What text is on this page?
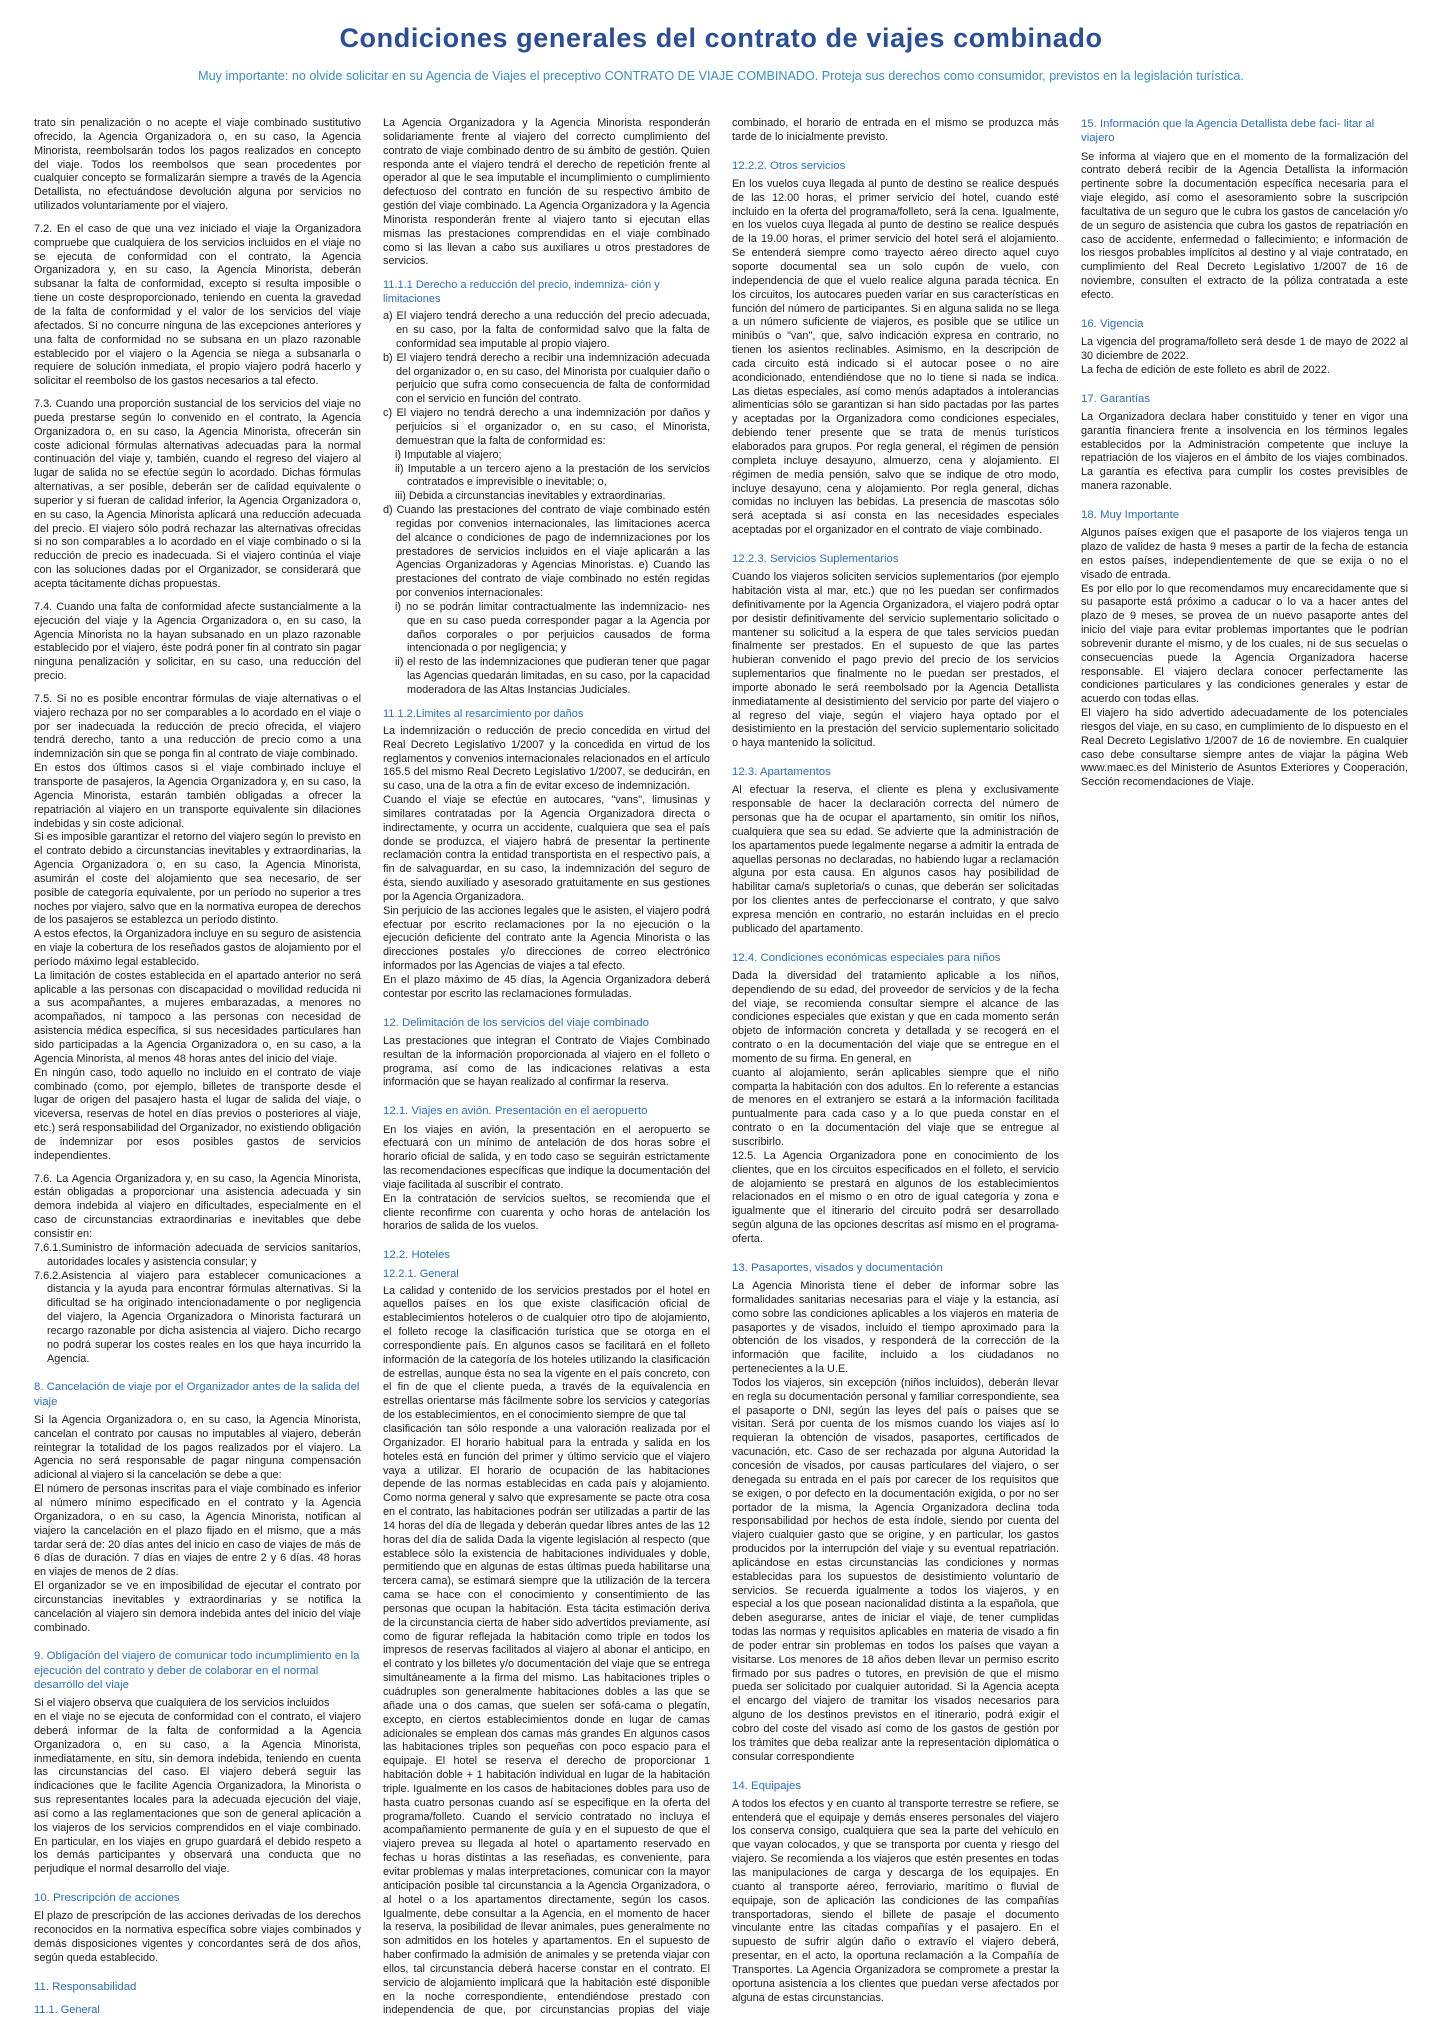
Condiciones generales del contrato de viajes combinado
Muy importante: no olvide solicitar en su Agencia de Viajes el preceptivo CONTRATO DE VIAJE COMBINADO. Proteja sus derechos como consumidor, previstos en la legislación turística.

trato sin penalización o no acepte el viaje combinado sustitutivo ofrecido, la Agencia Organizadora o, en su caso, la Agencia Minorista, reembolsarán todos los pagos realizados en concepto del viaje. Todos los reembolsos que sean procedentes por cualquier concepto se formalizarán siempre a través de la Agencia Detallista, no efectuándose devolución alguna por servicios no utilizados voluntariamente por el viajero.

7.2. En el caso de que una vez iniciado el viaje la Organizadora compruebe que cualquiera de los servicios incluidos en el viaje no se ejecuta de conformidad con el contrato, la Agencia Organizadora y, en su caso, la Agencia Minorista, deberán subsanar la falta de conformidad, excepto si resulta imposible o tiene un coste desproporcionado, teniendo en cuenta la gravedad de la falta de conformidad y el valor de los servicios del viaje afectados. Si no concurre ninguna de las excepciones anteriores y una falta de conformidad no se subsana en un plazo razonable establecido por el viajero o la Agencia se niega a subsanarla o requiere de solución inmediata, el propio viajero podrá hacerlo y solicitar el reembolso de los gastos necesarios a tal efecto.

7.3. Cuando una proporción sustancial de los servicios del viaje no pueda prestarse según lo convenido en el contrato, la Agencia Organizadora o, en su caso, la Agencia Minorista, ofrecerán sin coste adicional fórmulas alternativas adecuadas para la normal continuación del viaje y, también, cuando el regreso del viajero al lugar de salida no se efectúe según lo acordado. Dichas fórmulas alternativas, a ser posible, deberán ser de calidad equivalente o superior y si fueran de calidad inferior, la Agencia Organizadora o, en su caso, la Agencia Minorista aplicará una reducción adecuada del precio. El viajero sólo podrá rechazar las alternativas ofrecidas si no son comparables a lo acordado en el viaje combinado o si la reducción de precio es inadecuada. Si el viajero continúa el viaje con las soluciones dadas por el Organizador, se considerará que acepta tácitamente dichas propuestas.

7.4. Cuando una falta de conformidad afecte sustancialmente a la ejecución del viaje y la Agencia Organizadora o, en su caso, la Agencia Minorista no la hayan subsanado en un plazo razonable establecido por el viajero, éste podrá poner fin al contrato sin pagar ninguna penalización y solicitar, en su caso, una reducción del precio.

7.5. Si no es posible encontrar fórmulas de viaje alternativas o el viajero rechaza por no ser comparables a lo acordado en el viaje o por ser inadecuada la reducción de precio ofrecida, el viajero tendrá derecho, tanto a una reducción de precio como a una indemnización sin que se ponga fin al contrato de viaje combinado.

En estos dos últimos casos si el viaje combinado incluye el transporte de pasajeros, la Agencia Organizadora y, en su caso, la Agencia Minorista, estarán también obligadas a ofrecer la repatriación al viajero en un transporte equivalente sin dilaciones indebidas y sin coste adicional.

Si es imposible garantizar el retorno del viajero según lo previsto en el contrato debido a circunstancias inevitables y extraordinarias, la Agencia Organizadora o, en su caso, la Agencia Minorista, asumirán el coste del alojamiento que sea necesario, de ser posible de categoría equivalente, por un período no superior a tres noches por viajero, salvo que en la normativa europea de derechos de los pasajeros se establezca un período distinto.

A estos efectos, la Organizadora incluye en su seguro de asistencia en viaje la cobertura de los reseñados gastos de alojamiento por el período máximo legal establecido.

La limitación de costes establecida en el apartado anterior no será aplicable a las personas con discapacidad o movilidad reducida ni a sus acompañantes, a mujeres embarazadas, a menores no acompañados, ni tampoco a las personas con necesidad de asistencia médica específica, si sus necesidades particulares han sido participadas a la Agencia Organizadora o, en su caso, a la Agencia Minorista, al menos 48 horas antes del inicio del viaje.

En ningún caso, todo aquello no incluido en el contrato de viaje combinado (como, por ejemplo, billetes de transporte desde el lugar de origen del pasajero hasta el lugar de salida del viaje, o viceversa, reservas de hotel en días previos o posteriores al viaje, etc.) será responsabilidad del Organizador, no existiendo obligación de indemnizar por esos posibles gastos de servicios independientes.

7.6. La Agencia Organizadora y, en su caso, la Agencia Minorista, están obligadas a proporcionar una asistencia adecuada y sin demora indebida al viajero en dificultades, especialmente en el caso de circunstancias extraordinarias e inevitables que debe consistir en:

7.6.1.Suministro de información adecuada de servicios sanitarios, autoridades locales y asistencia consular; y

7.6.2.Asistencia al viajero para establecer comunicaciones a distancia y la ayuda para encontrar fórmulas alternativas. Si la dificultad se ha originado intencionadamente o por negligencia del viajero, la Agencia Organizadora o Minorista facturará un recargo razonable por dicha asistencia al viajero. Dicho recargo no podrá superar los costes reales en los que haya incurrido la Agencia.

8. Cancelación de viaje por el Organizador antes de la salida del viaje

Si la Agencia Organizadora o, en su caso, la Agencia Minorista, cancelan el contrato por causas no imputables al viajero, deberán reintegrar la totalidad de los pagos realizados por el viajero. La Agencia no será responsable de pagar ninguna compensación adicional al viajero si la cancelación se debe a que:

El número de personas inscritas para el viaje combinado es inferior al número mínimo especificado en el contrato y la Agencia Organizadora, o en su caso, la Agencia Minorista, notifican al viajero la cancelación en el plazo fijado en el mismo, que a más tardar será de: 20 días antes del inicio en caso de viajes de más de 6 días de duración. 7 días en viajes de entre 2 y 6 días. 48 horas en viajes de menos de 2 días.

El organizador se ve en imposibilidad de ejecutar el contrato por circunstancias inevitables y extraordinarias y se notifica la cancelación al viajero sin demora indebida antes del inicio del viaje combinado.

9. Obligación del viajero de comunicar todo incumplimiento en la ejecución del contrato y deber de colaborar en el normal desarrollo del viaje

Si el viajero observa que cualquiera de los servicios incluidos

en el viaje no se ejecuta de conformidad con el contrato, el viajero deberá informar de la falta de conformidad a la Agencia Organizadora o, en su caso, a la Agencia Minorista, inmediatamente, en situ, sin demora indebida, teniendo en cuenta las circunstancias del caso. El viajero deberá seguir las indicaciones que le facilite Agencia Organizadora, la Minorista o sus representantes locales para la adecuada ejecución del viaje, así como a las reglamentaciones que son de general aplicación a los viajeros de los servicios comprendidos en el viaje combinado. En particular, en los viajes en grupo guardará el debido respeto a los demás participantes y observará una conducta que no perjudique el normal desarrollo del viaje.

10. Prescripción de acciones

El plazo de prescripción de las acciones derivadas de los derechos reconocidos en la normativa específica sobre viajes combinados y demás disposiciones vigentes y concordantes será de dos años, según queda establecido.

11. Responsabilidad
11.1. General

La Agencia Organizadora y la Agencia Minorista responderán solidariamente frente al viajero del correcto cumplimiento del contrato de viaje combinado dentro de su ámbito de gestión. Quien responda ante el viajero tendrá el derecho de repetición frente al operador al que le sea imputable el incumplimiento o cumplimiento defectuoso del contrato en función de su respectivo ámbito de gestión del viaje combinado. La Agencia Organizadora y la Agencia Minorista responderán frente al viajero tanto si ejecutan ellas mismas las prestaciones comprendidas en el viaje combinado como si las llevan a cabo sus auxiliares u otros prestadores de servicios.

11.1.1 Derecho a reducción del precio, indemniza- ción y limitaciones

a) El viajero tendrá derecho a una reducción del precio adecuada, en su caso, por la falta de conformidad salvo que la falta de conformidad sea imputable al propio viajero.

b) El viajero tendrá derecho a recibir una indemnización adecuada del organizador o, en su caso, del Minorista por cualquier daño o perjuicio que sufra como consecuencia de falta de conformidad con el servicio en función del contrato.

c) El viajero no tendrá derecho a una indemnización por daños y perjuicios si el organizador o, en su caso, el Minorista, demuestran que la falta de conformidad es:

i) Imputable al viajero;

ii) Imputable a un tercero ajeno a la prestación de los servicios contratados e imprevisible o inevitable; o,

iii) Debida a circunstancias inevitables y extraordinarias.

d) Cuando las prestaciones del contrato de viaje combinado estén regidas por convenios internacionales, las limitaciones acerca del alcance o condiciones de pago de indemnizaciones por los prestadores de servicios incluidos en el viaje aplicarán a las Agencias Organizadoras y Agencias Minoristas. e) Cuando las prestaciones del contrato de viaje combinado no estén regidas por convenios internacionales:

i) no se podrán limitar contractualmente las indemnizacio- nes que en su caso pueda corresponder pagar a la Agencia por daños corporales o por perjuicios causados de forma intencionada o por negligencia; y

ii) el resto de las indemnizaciones que pudieran tener que pagar las Agencias quedarán limitadas, en su caso, por la capacidad moderadora de las Altas Instancias Judiciales.

11.1.2.Limites al resarcimiento por daños

La indemnización o reducción de precio concedida en virtud del Real Decreto Legislativo 1/2007 y la concedida en virtud de los reglamentos y convenios internacionales relacionados en el artículo 165.5 del mismo Real Decreto Legislativo 1/2007, se deducirán, en su caso, una de la otra a fin de evitar exceso de indemnización.

Cuando el viaje se efectúe en autocares, "vans", limusinas y similares contratadas por la Agencia Organizadora directa o indirectamente, y ocurra un accidente, cualquiera que sea el país donde se produzca, el viajero habrá de presentar la pertinente reclamación contra la entidad transportista en el respectivo país, a fin de salvaguardar, en su caso, la indemnización del seguro de ésta, siendo auxiliado y asesorado gratuitamente en sus gestiones por la Agencia Organizadora.

Sin perjuicio de las acciones legales que le asisten, el viajero podrá efectuar por escrito reclamaciones por la no ejecución o la ejecución deficiente del contrato ante la Agencia Minorista o las direcciones postales y/o direcciones de correo electrónico informados por las Agencias de viajes a tal efecto.

En el plazo máximo de 45 días, la Agencia Organizadora deberá contestar por escrito las reclamaciones formuladas.

12. Delimitación de los servicios del viaje combinado

Las prestaciones que integran el Contrato de Viajes Combinado resultan de la información proporcionada al viajero en el folleto o programa, así como de las indicaciones relativas a esta información que se hayan realizado al confirmar la reserva.

12.1. Viajes en avión. Presentación en el aeropuerto

En los viajes en avión, la presentación en el aeropuerto se efectuará con un mínimo de antelación de dos horas sobre el horario oficial de salida, y en todo caso se seguirán estrictamente las recomendaciones específicas que indique la documentación del viaje facilitada al suscribir el contrato.

En la contratación de servicios sueltos, se recomienda que el cliente reconfirme con cuarenta y ocho horas de antelación los horarios de salida de los vuelos.

12.2. Hoteles
12.2.1. General

La calidad y contenido de los servicios prestados por el hotel en aquellos países en los que existe clasificación oficial de establecimientos hoteleros o de cualquier otro tipo de alojamiento, el folleto recoge la clasificación turística que se otorga en el correspondiente país. En algunos casos se facilitará en el folleto información de la categoría de los hoteles utilizando la clasificación de estrellas, aunque ésta no sea la vigente en el país concreto, con el fin de que el cliente pueda, a través de la equivalencia en estrellas orientarse más fácilmente sobre los servicios y categorías de los establecimientos, en el conocimiento siempre de que tal

clasificación tan sólo responde a una valoración realizada por el Organizador. El horario habitual para la entrada y salida en los hoteles está en función del primer y último servicio que el viajero vaya a utilizar. El horario de ocupación de las habitaciones depende de las normas establecidas en cada país y alojamiento. Como norma general y salvo que expresamente se pacte otra cosa en el contrato, las habitaciones podrán ser utilizadas a partir de las 14 horas del día de llegada y deberán quedar libres antes de las 12 horas del día de salida Dada la vigente legislación al respecto (que establece sólo la existencia de habitaciones individuales y doble, permitiendo que en algunas de estas últimas pueda habilitarse una tercera cama), se estimará siempre que la utilización de la tercera cama se hace con el conocimiento y consentimiento de las personas que ocupan la habitación. Esta tácita estimación deriva de la circunstancia cierta de haber sido advertidos previamente, así como de figurar reflejada la habitación como triple en todos los impresos de reservas facilitados al viajero al abonar el anticipo, en el contrato y los billetes y/o documentación del viaje que se entrega simultáneamente a la firma del mismo. Las habitaciones triples o cuádruples son generalmente habitaciones dobles a las que se añade una o dos camas, que suelen ser sofá-cama o plegatín, excepto, en ciertos establecimientos donde en lugar de camas adicionales se emplean dos camas más grandes En algunos casos las habitaciones triples son pequeñas con poco espacio para el equipaje. El hotel se reserva el derecho de proporcionar 1 habitación doble + 1 habitación individual en lugar de la habitación triple. Igualmente en los casos de habitaciones dobles para uso de hasta cuatro personas cuando así se especifique en la oferta del programa/folleto. Cuando el servicio contratado no incluya el acompañamiento permanente de guía y en el supuesto de que el viajero prevea su llegada al hotel o apartamento reservado en fechas u horas distintas a las reseñadas, es conveniente, para evitar problemas y malas interpretaciones, comunicar con la mayor anticipación posible tal circunstancia a la Agencia Organizadora, o al hotel o a los apartamentos directamente, según los casos. Igualmente, debe consultar a la Agencia, en el momento de hacer la reserva, la posibilidad de llevar animales, pues generalmente no son admitidos en los hoteles y apartamentos. En el supuesto de haber confirmado la admisión de animales y se pretenda viajar con ellos, tal circunstancia deberá hacerse constar en el contrato. El servicio de alojamiento implicará que la habitación esté disponible en la noche correspondiente, entendiéndose prestado con independencia de que, por circunstancias propias del viaje combinado, el horario de entrada en el mismo se produzca más tarde de lo inicialmente previsto.

12.2.2. Otros servicios

En los vuelos cuya llegada al punto de destino se realice después de las 12.00 horas, el primer servicio del hotel, cuando esté incluido en la oferta del programa/folleto, será la cena. Igualmente, en los vuelos cuya llegada al punto de destino se realice después de la 19.00 horas, el primer servicio del hotel será el alojamiento. Se entenderá siempre como trayecto aéreo directo aquel cuyo soporte documental sea un solo cupón de vuelo, con independencia de que el vuelo realice alguna parada técnica. En los circuitos, los autocares pueden variar en sus características en función del número de participantes. Si en alguna salida no se llega a un número suficiente de viajeros, es posible que se utilice un minibús o "van", que, salvo indicación expresa en contrario, no tienen los asientos reclinables. Asimismo, en la descripción de cada circuito está indicado si el autocar posee o no aire acondicionado, entendiéndose que no lo tiene si nada se indica. Las dietas especiales, así como menús adaptados a intolerancias alimenticias sólo se garantizan si han sido pactadas por las partes y aceptadas por la Organizadora como condiciones especiales, debiendo tener presente que se trata de menús turísticos elaborados para grupos. Por regla general, el régimen de pensión completa incluye desayuno, almuerzo, cena y alojamiento. El régimen de media pensión, salvo que se indique de otro modo, incluye desayuno, cena y alojamiento. Por regla general, dichas comidas no incluyen las bebidas. La presencia de mascotas sólo será aceptada si así consta en las necesidades especiales aceptadas por el organizador en el contrato de viaje combinado.

12.2.3. Servicios Suplementarios

Cuando los viajeros soliciten servicios suplementarios (por ejemplo habitación vista al mar, etc.) que no les puedan ser confirmados definitivamente por la Agencia Organizadora, el viajero podrá optar por desistir definitivamente del servicio suplementario solicitado o mantener su solicitud a la espera de que tales servicios puedan finalmente ser prestados. En el supuesto de que las partes hubieran convenido el pago previo del precio de los servicios suplementarios que finalmente no le puedan ser prestados, el importe abonado le será reembolsado por la Agencia Detallista inmediatamente al desistimiento del servicio por parte del viajero o al regreso del viaje, según el viajero haya optado por el desistimiento en la prestación del servicio suplementario solicitado o haya mantenido la solicitud.

12.3. Apartamentos

Al efectuar la reserva, el cliente es plena y exclusivamente responsable de hacer la declaración correcta del número de personas que ha de ocupar el apartamento, sin omitir los niños, cualquiera que sea su edad. Se advierte que la administración de los apartamentos puede legalmente negarse a admitir la entrada de aquellas personas no declaradas, no habiendo lugar a reclamación alguna por esta causa. En algunos casos hay posibilidad de habilitar cama/s supletoria/s o cunas, que deberán ser solicitadas por los clientes antes de perfeccionarse el contrato, y que salvo expresa mención en contrario, no estarán incluidas en el precio publicado del apartamento.

12.4. Condiciones económicas especiales para niños

Dada la diversidad del tratamiento aplicable a los niños, dependiendo de su edad, del proveedor de servicios y de la fecha del viaje, se recomienda consultar siempre el alcance de las condiciones especiales que existan y que en cada momento serán objeto de información concreta y detallada y se recogerá en el contrato o en la documentación del viaje que se entregue en el momento de su firma. En general, en

cuanto al alojamiento, serán aplicables siempre que el niño comparta la habitación con dos adultos. En lo referente a estancias de menores en el extranjero se estará a la información facilitada puntualmente para cada caso y a lo que pueda constar en el contrato o en la documentación del viaje que se entregue al suscribirlo.

12.5. La Agencia Organizadora pone en conocimiento de los clientes, que en los circuitos especificados en el folleto, el servicio de alojamiento se prestará en algunos de los establecimientos relacionados en el mismo o en otro de igual categoría y zona e igualmente que el itinerario del circuito podrá ser desarrollado según alguna de las opciones descritas así mismo en el programa-oferta.

13. Pasaportes, visados y documentación

La Agencia Minorista tiene el deber de informar sobre las formalidades sanitarias necesarias para el viaje y la estancia, así como sobre las condiciones aplicables a los viajeros en materia de pasaportes y de visados, incluido el tiempo aproximado para la obtención de los visados, y responderá de la corrección de la información que facilite, incluido a los ciudadanos no pertenecientes a la U.E.

Todos los viajeros, sin excepción (niños incluidos), deberán llevar en regla su documentación personal y familiar correspondiente, sea el pasaporte o DNI, según las leyes del país o países que se visitan. Será por cuenta de los mismos cuando los viajes así lo requieran la obtención de visados, pasaportes, certificados de vacunación, etc. Caso de ser rechazada por alguna Autoridad la concesión de visados, por causas particulares del viajero, o ser denegada su entrada en el país por carecer de los requisitos que se exigen, o por defecto en la documentación exigida, o por no ser portador de la misma, la Agencia Organizadora declina toda responsabilidad por hechos de esta índole, siendo por cuenta del viajero cualquier gasto que se origine, y en particular, los gastos producidos por la interrupción del viaje y su eventual repatriación. aplicándose en estas circunstancias las condiciones y normas establecidas para los supuestos de desistimiento voluntario de servicios. Se recuerda igualmente a todos los viajeros, y en especial a los que posean nacionalidad distinta a la española, que deben asegurarse, antes de iniciar el viaje, de tener cumplidas todas las normas y requisitos aplicables en materia de visado a fin de poder entrar sin problemas en todos los países que vayan a visitarse. Los menores de 18 años deben llevar un permiso escrito firmado por sus padres o tutores, en previsión de que el mismo pueda ser solicitado por cualquier autoridad. Si la Agencia acepta el encargo del viajero de tramitar los visados necesarios para alguno de los destinos previstos en el itinerario, podrá exigir el cobro del coste del visado así como de los gastos de gestión por los trámites que deba realizar ante la representación diplomática o consular correspondiente

14. Equipajes

A todos los efectos y en cuanto al transporte terrestre se refiere, se entenderá que el equipaje y demás enseres personales del viajero los conserva consigo, cualquiera que sea la parte del vehículo en que vayan colocados, y que se transporta por cuenta y riesgo del viajero. Se recomienda a los viajeros que estén presentes en todas las manipulaciones de carga y descarga de los equipajes. En cuanto al transporte aéreo, ferroviario, marítimo o fluvial de equipaje, son de aplicación las condiciones de las compañías transportadoras, siendo el billete de pasaje el documento vinculante entre las citadas compañías y el pasajero. En el supuesto de sufrir algún daño o extravío el viajero deberá, presentar, en el acto, la oportuna reclamación a la Compañía de Transportes. La Agencia Organizadora se compromete a prestar la oportuna asistencia a los clientes que puedan verse afectados por alguna de estas circunstancias.

15. Información que la Agencia Detallista debe faci- litar al viajero

Se informa al viajero que en el momento de la formalización del contrato deberá recibir de la Agencia Detallista la información pertinente sobre la documentación específica necesaria para el viaje elegido, así como el asesoramiento sobre la suscripción facultativa de un seguro que le cubra los gastos de cancelación y/o de un seguro de asistencia que cubra los gastos de repatriación en caso de accidente, enfermedad o fallecimiento; e información de los riesgos probables implícitos al destino y al viaje contratado, en cumplimiento del Real Decreto Legislativo 1/2007 de 16 de noviembre, consulten el extracto de la póliza contratada a este efecto.

16. Vigencia

La vigencia del programa/folleto será desde 1 de mayo de 2022 al 30 diciembre de 2022.

La fecha de edición de este folleto es abril de 2022.

17. Garantías

La Organizadora declara haber constituido y tener en vigor una garantía financiera frente a insolvencia en los términos legales establecidos por la Administración competente que incluye la repatriación de los viajeros en el ámbito de los viajes combinados. La garantía es efectiva para cumplir los costes previsibles de manera razonable.

18. Muy Importante

Algunos países exigen que el pasaporte de los viajeros tenga un plazo de validez de hasta 9 meses a partir de la fecha de estancia en estos países, independientemente de que se exija o no el visado de entrada.

Es por ello por lo que recomendamos muy encarecidamente que si su pasaporte está próximo a caducar o lo va a hacer antes del plazo de 9 meses, se provea de un nuevo pasaporte antes del inicio del viaje para evitar problemas importantes que le podrían sobrevenir durante el mismo, y de los cuales, ni de sus secuelas o consecuencias puede la Agencia Organizadora hacerse responsable. El viajero declara conocer perfectamente las condiciones particulares y las condiciones generales y estar de acuerdo con todas ellas.

El viajero ha sido advertido adecuadamente de los potenciales riesgos del viaje, en su caso, en cumplimiento de lo dispuesto en el Real Decreto Legislativo 1/2007 de 16 de noviembre. En cualquier caso debe consultarse siempre antes de viajar la página Web www.maec.es del Ministerio de Asuntos Exteriores y Cooperación, Sección recomendaciones de Viaje.
